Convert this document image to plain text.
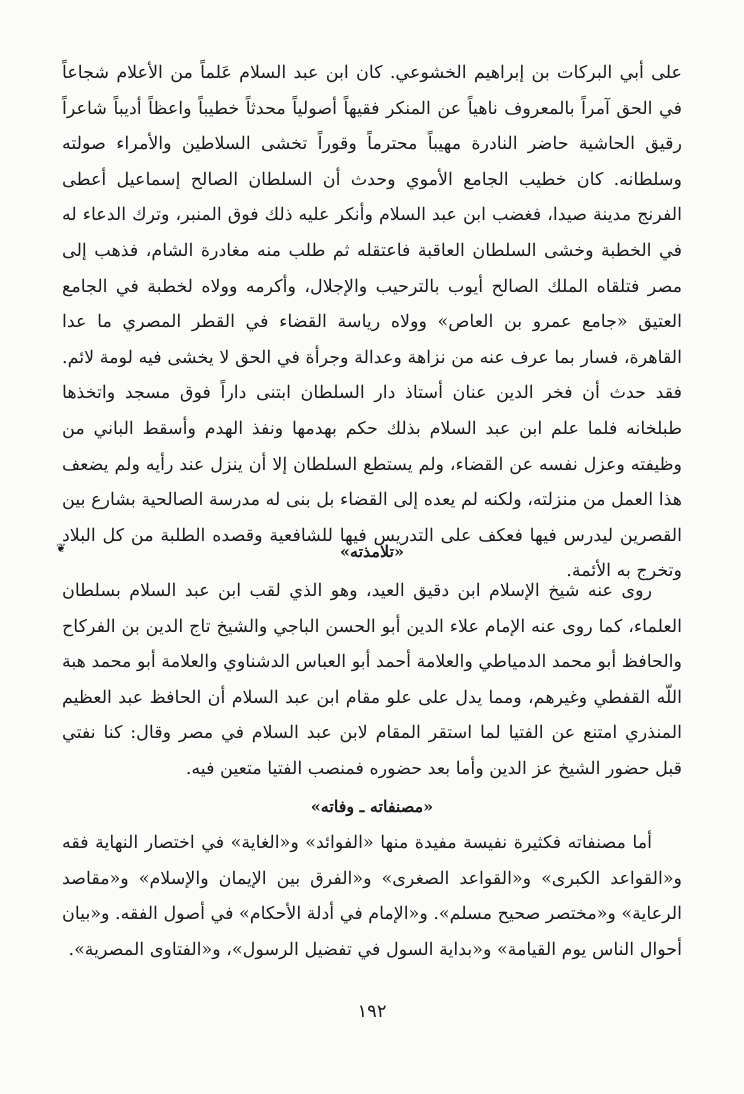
على أبي البركات بن إبراهيم الخشوعي. كان ابن عبد السلام عَلماً من الأعلام شجاعاً في الحق آمراً بالمعروف ناهياً عن المنكر فقيهاً أصولياً محدثاً خطيباً واعظاً أديباً شاعراً رقيق الحاشية حاضر النادرة مهيباً محترماً وقوراً تخشى السلاطين والأمراء صولته وسلطانه. كان خطيب الجامع الأموي وحدث أن السلطان الصالح إسماعيل أعطى الفرنج مدينة صيدا، فغضب ابن عبد السلام وأنكر عليه ذلك فوق المنبر، وترك الدعاء له في الخطبة وخشى السلطان العاقبة فاعتقله ثم طلب منه مغادرة الشام، فذهب إلى مصر فتلقاه الملك الصالح أيوب بالترحيب والإجلال، وأكرمه وولاه لخطبة في الجامع العتيق «جامع عمرو بن العاص» وولاه رياسة القضاء في القطر المصري ما عدا القاهرة، فسار بما عرف عنه من نزاهة وعدالة وجرأة في الحق لا يخشى فيه لومة لائم. فقد حدث أن فخر الدين عنان أستاذ دار السلطان ابتنى داراً فوق مسجد واتخذها طبلخانه فلما علم ابن عبد السلام بذلك حكم بهدمها ونفذ الهدم وأسقط الباني من وظيفته وعزل نفسه عن القضاء، ولم يستطع السلطان إلا أن ينزل عند رأيه ولم يضعف هذا العمل من منزلته، ولكنه لم يعده إلى القضاء بل بنى له مدرسة الصالحية بشارع بين القصرين ليدرس فيها فعكف على التدريس فيها للشافعية وقصده الطلبة من كل البلاد وتخرج به الأئمة.

❦	«تلامذته»

روى عنه شيخ الإسلام ابن دقيق العيد، وهو الذي لقب ابن عبد السلام بسلطان العلماء، كما روى عنه الإمام علاء الدين أبو الحسن الباجي والشيخ تاج الدين بن الفركاح والحافظ أبو محمد الدمياطي والعلامة أحمد أبو العباس الدشناوي والعلامة أبو محمد هبة اللّه القفطي وغيرهم، ومما يدل على علو مقام ابن عبد السلام أن الحافظ عبد العظيم المنذري امتنع عن الفتيا لما استقر المقام لابن عبد السلام في مصر وقال: كنا نفتي قبل حضور الشيخ عز الدين وأما بعد حضوره فمنصب الفتيا متعين فيه.

«مصنفاته ـ وفاته»

أما مصنفاته فكثيرة نفيسة مفيدة منها «الفوائد» و«الغاية» في اختصار النهاية فقه و«القواعد الكبرى» و«القواعد الصغرى» و«الفرق بين الإيمان والإسلام» و«مقاصد الرعاية» و«مختصر صحيح مسلم». و«الإمام في أدلة الأحكام» في أصول الفقه. و«بيان أحوال الناس يوم القيامة» و«بداية السول في تفضيل الرسول»، و«الفتاوى المصرية».

١٩٢
